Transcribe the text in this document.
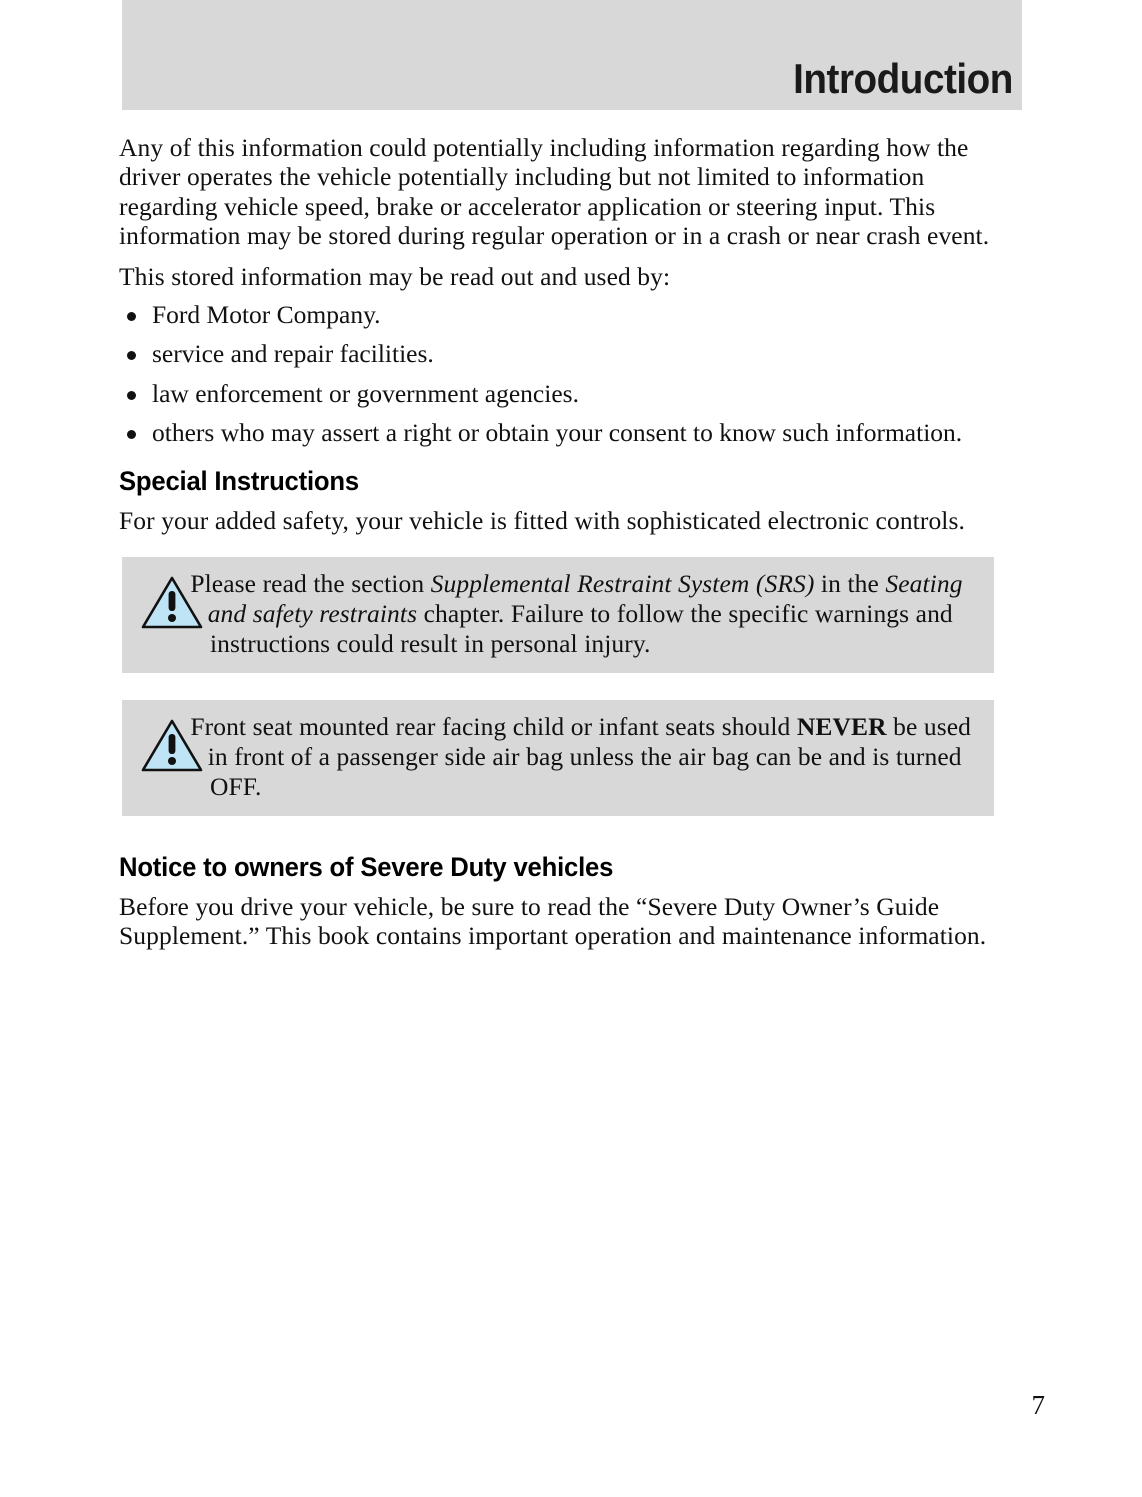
Introduction

Any of this information could potentially including information regarding how the driver operates the vehicle potentially including but not limited to information regarding vehicle speed, brake or accelerator application or steering input. This information may be stored during regular operation or in a crash or near crash event.

This stored information may be read out and used by:

Ford Motor Company.
service and repair facilities.
law enforcement or government agencies.
others who may assert a right or obtain your consent to know such information.
Special Instructions

For your added safety, your vehicle is fitted with sophisticated electronic controls.

Please read the section Supplemental Restraint System (SRS) in the Seating and safety restraints chapter. Failure to follow the specific warnings and instructions could result in personal injury.
Front seat mounted rear facing child or infant seats should NEVER be used in front of a passenger side air bag unless the air bag can be and is turned OFF.
Notice to owners of Severe Duty vehicles

Before you drive your vehicle, be sure to read the “Severe Duty Owner’s Guide Supplement.” This book contains important operation and maintenance information.

7
